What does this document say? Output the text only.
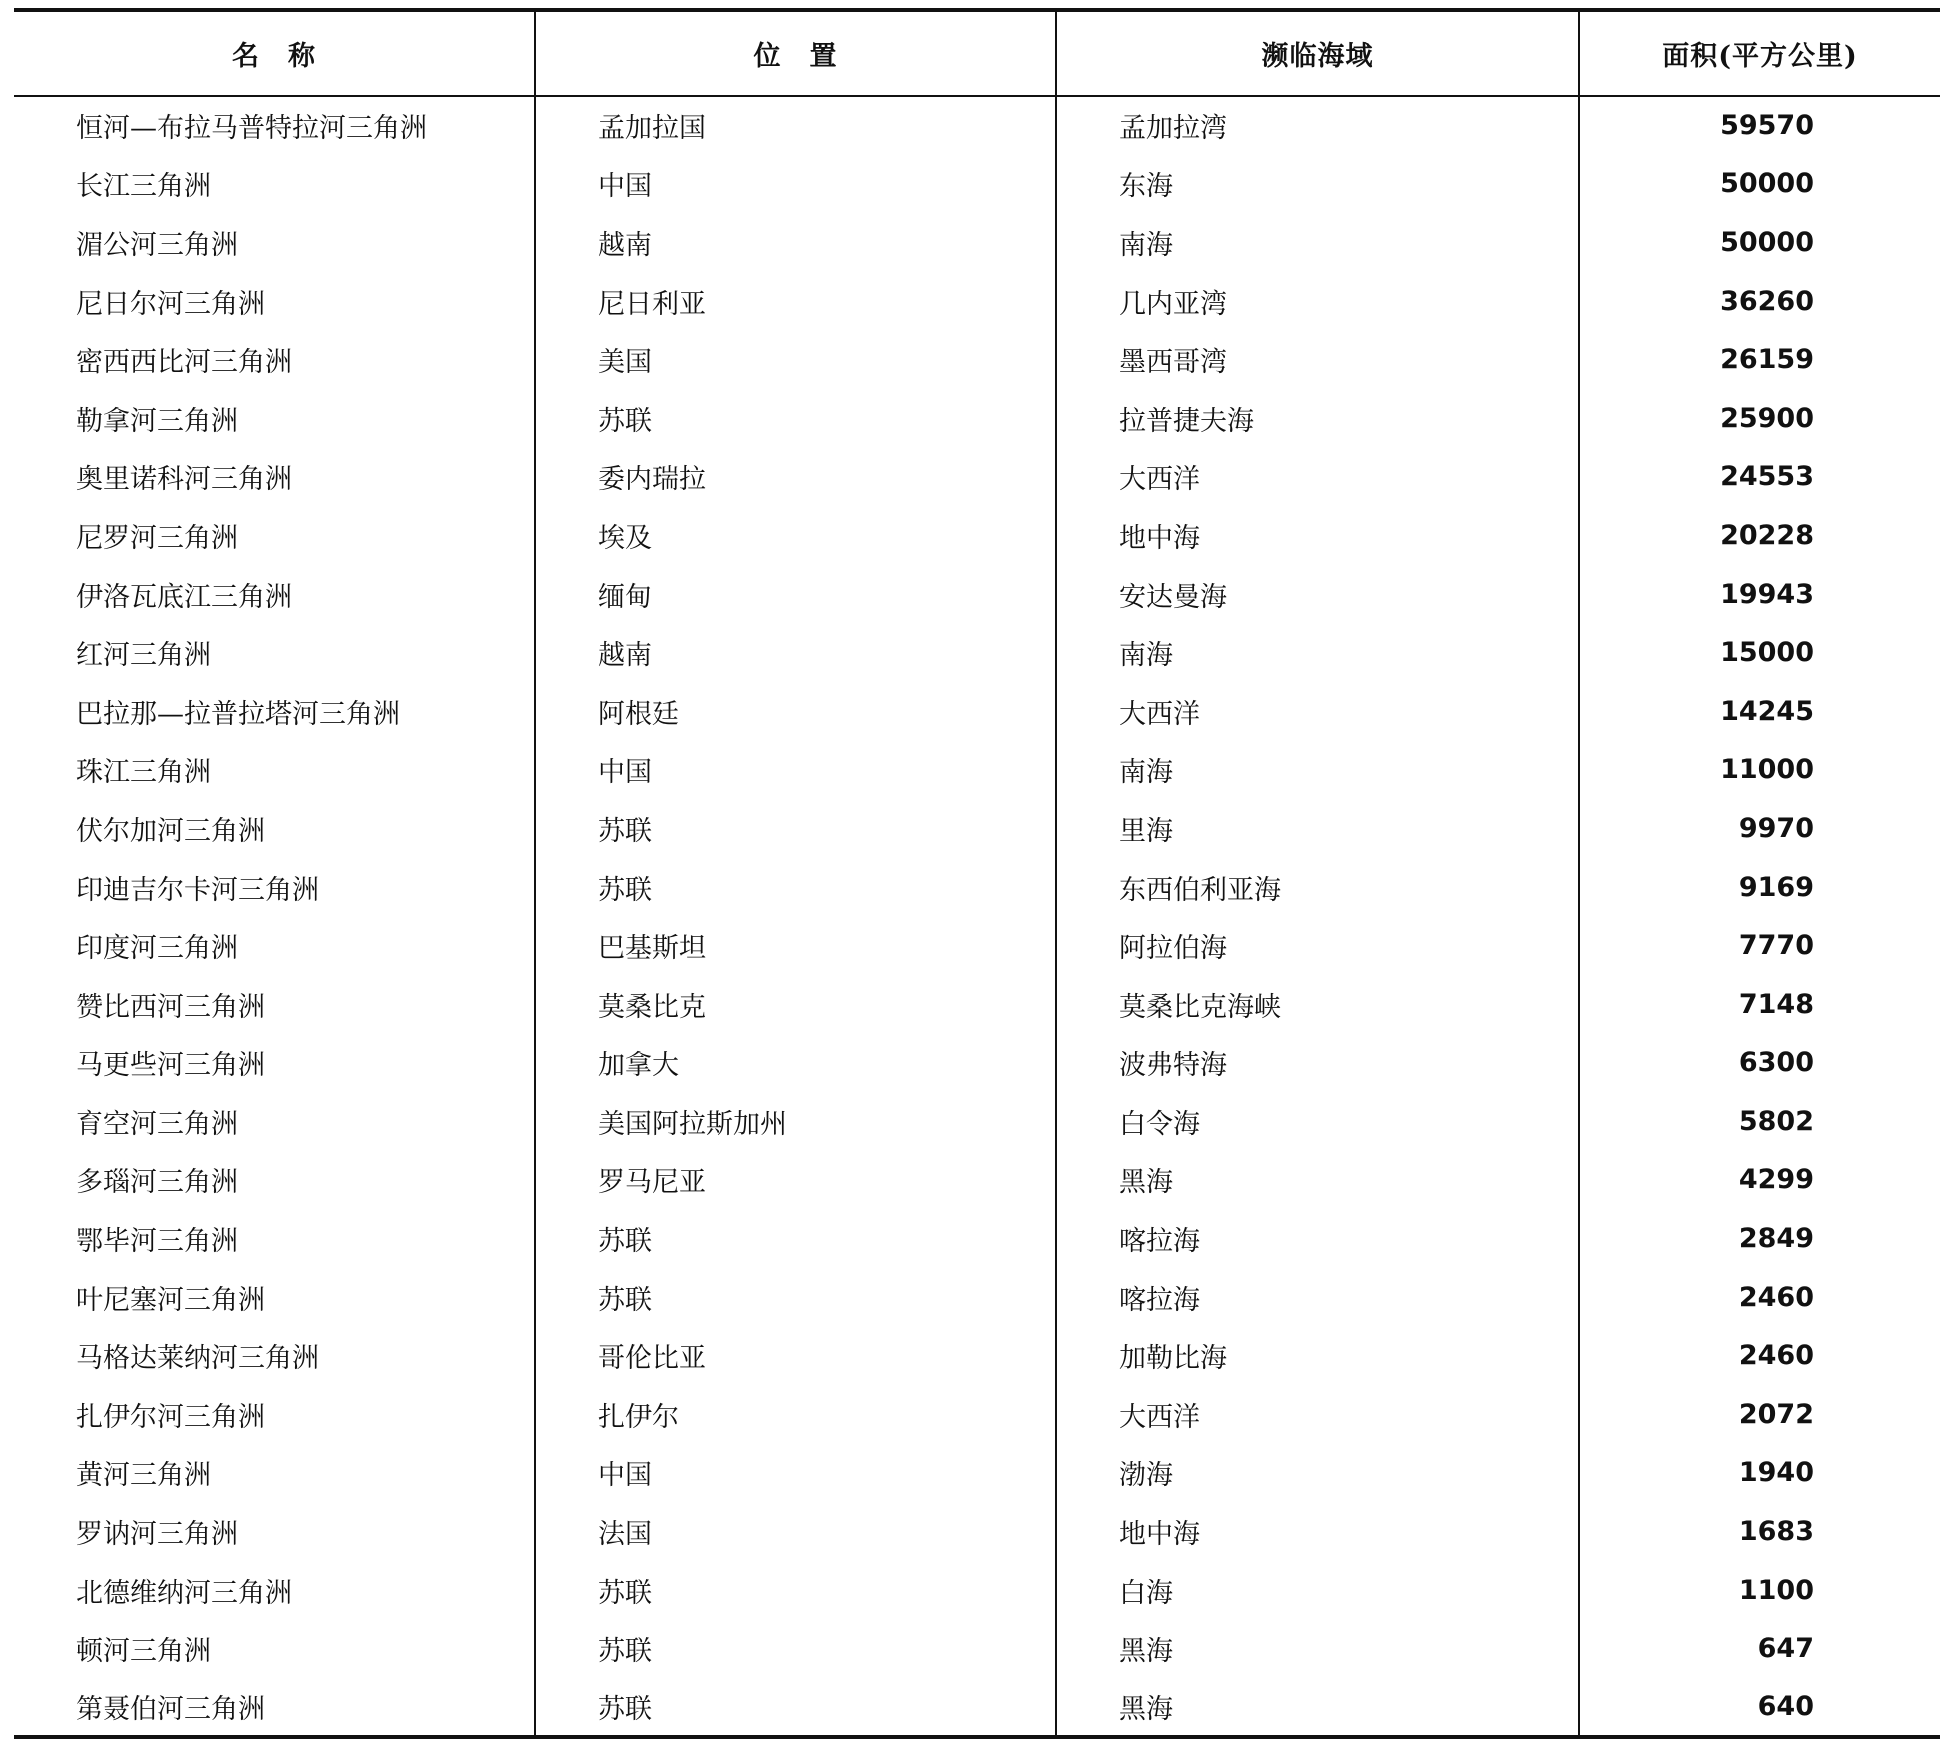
名　称	位　置	濒临海域	面积(平方公里)
恒河—布拉马普特拉河三角洲	孟加拉国	孟加拉湾	59570
长江三角洲	中国	东海	50000
湄公河三角洲	越南	南海	50000
尼日尔河三角洲	尼日利亚	几内亚湾	36260
密西西比河三角洲	美国	墨西哥湾	26159
勒拿河三角洲	苏联	拉普捷夫海	25900
奥里诺科河三角洲	委内瑞拉	大西洋	24553
尼罗河三角洲	埃及	地中海	20228
伊洛瓦底江三角洲	缅甸	安达曼海	19943
红河三角洲	越南	南海	15000
巴拉那—拉普拉塔河三角洲	阿根廷	大西洋	14245
珠江三角洲	中国	南海	11000
伏尔加河三角洲	苏联	里海	9970
印迪吉尔卡河三角洲	苏联	东西伯利亚海	9169
印度河三角洲	巴基斯坦	阿拉伯海	7770
赞比西河三角洲	莫桑比克	莫桑比克海峡	7148
马更些河三角洲	加拿大	波弗特海	6300
育空河三角洲	美国阿拉斯加州	白令海	5802
多瑙河三角洲	罗马尼亚	黑海	4299
鄂毕河三角洲	苏联	喀拉海	2849
叶尼塞河三角洲	苏联	喀拉海	2460
马格达莱纳河三角洲	哥伦比亚	加勒比海	2460
扎伊尔河三角洲	扎伊尔	大西洋	2072
黄河三角洲	中国	渤海	1940
罗讷河三角洲	法国	地中海	1683
北德维纳河三角洲	苏联	白海	1100
顿河三角洲	苏联	黑海	647
第聂伯河三角洲	苏联	黑海	640
